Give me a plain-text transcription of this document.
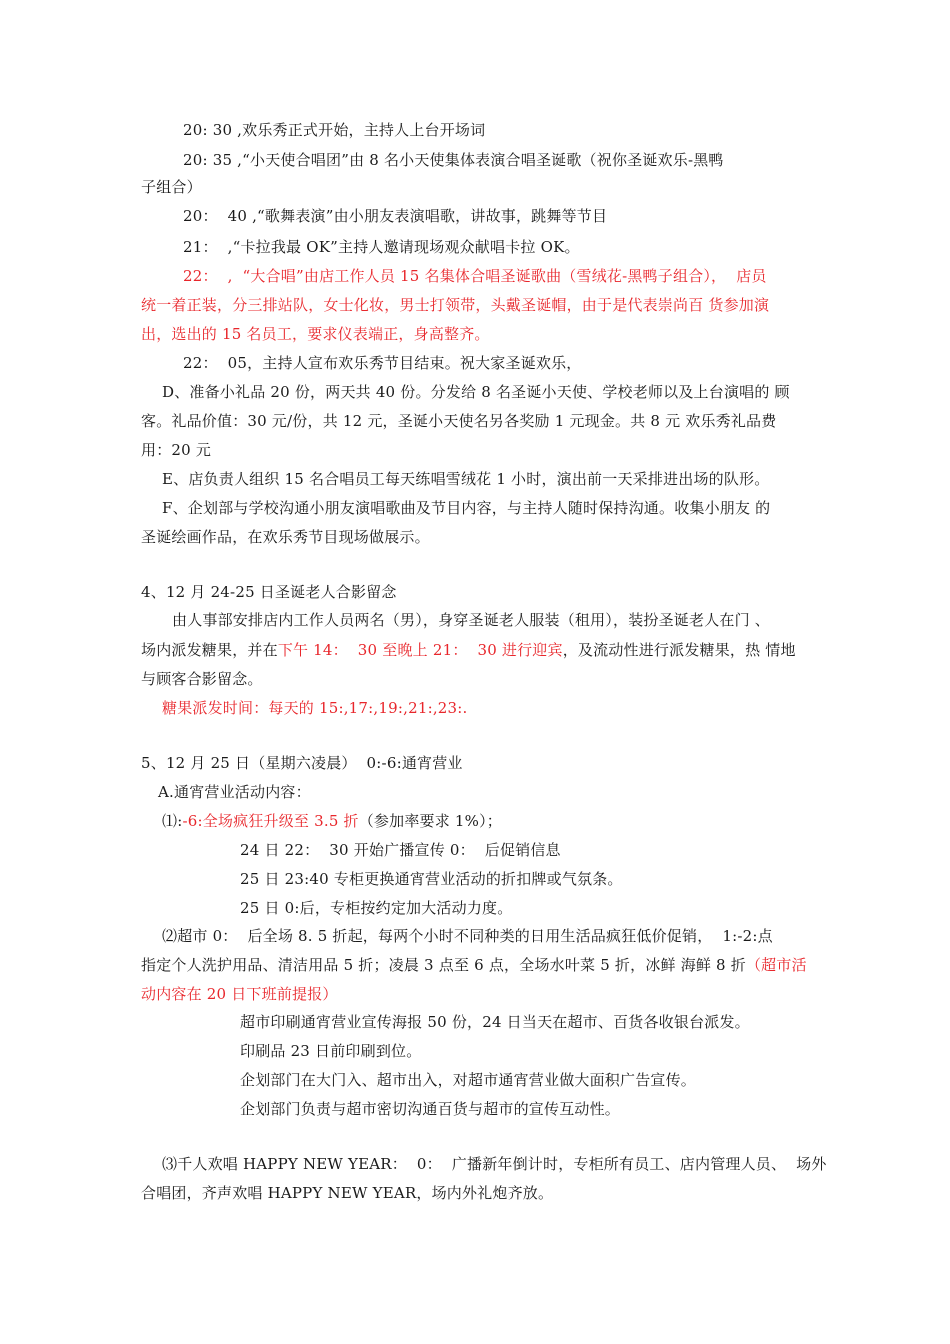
20: 30 ,欢乐秀正式开始，主持人上台开场词
20: 35 ,“小天使合唱团”由 8 名小天使集体表演合唱圣诞歌（祝你圣诞欢乐-黑鸭
子组合）
20：  40 ,“歌舞表演”由小朋友表演唱歌，讲故事，跳舞等节目
21：  ,“卡拉我最 OK”主持人邀请现场观众献唱卡拉 OK。
22：  ,  “大合唱”由店工作人员 15 名集体合唱圣诞歌曲（雪绒花-黑鸭子组合），  店员
统一着正装，分三排站队，女士化妆，男士打领带，头戴圣诞帽，由于是代表崇尚百 货参加演
出，选出的 15 名员工，要求仪表端正，身高整齐。
22：  05，主持人宣布欢乐秀节目结束。祝大家圣诞欢乐，
D、准备小礼品 20 份，两天共 40 份。分发给 8 名圣诞小天使、学校老师以及上台演唱的 顾
客。礼品价值：30 元/份，共 12 元，圣诞小天使名另各奖励 1 元现金。共 8 元 欢乐秀礼品费
用：20 元
E、店负责人组织 15 名合唱员工每天练唱雪绒花 1 小时，演出前一天采排进出场的队形。
F、企划部与学校沟通小朋友演唱歌曲及节目内容，与主持人随时保持沟通。收集小朋友 的
圣诞绘画作品，在欢乐秀节目现场做展示。
4、12 月 24-25 日圣诞老人合影留念
由人事部安排店内工作人员两名（男），身穿圣诞老人服装（租用），装扮圣诞老人在门 、
场内派发糖果，并在下午 14：  30 至晚上 21：  30 进行迎宾，及流动性进行派发糖果，热 情地
与顾客合影留念。
糖果派发时间：每天的 15:,17:,19:,21:,23:.
5、12 月 25 日（星期六凌晨）  0:-6:通宵营业
A.通宵营业活动内容：
⑴:-6:全场疯狂升级至 3.5 折（参加率要求 1%）；
24 日 22：  30 开始广播宣传 0：  后促销信息
25 日 23:40 专柜更换通宵营业活动的折扣牌或气氛条。
25 日 0:后，专柜按约定加大活动力度。
⑵超市 0：  后全场 8. 5 折起，每两个小时不同种类的日用生活品疯狂低价促销，  1:-2:点
指定个人洗护用品、清洁用品 5 折；凌晨 3 点至 6 点，全场水叶菜 5 折，冰鲜 海鲜 8 折（超市活
动内容在 20 日下班前提报）
超市印刷通宵营业宣传海报 50 份，24 日当天在超市、百货各收银台派发。
印刷品 23 日前印刷到位。
企划部门在大门入、超市出入，对超市通宵营业做大面积广告宣传。
企划部门负责与超市密切沟通百货与超市的宣传互动性。
⑶千人欢唱 HAPPY NEW YEAR：  0：  广播新年倒计时，专柜所有员工、店内管理人员、  场外
合唱团，齐声欢唱 HAPPY NEW YEAR，场内外礼炮齐放。
